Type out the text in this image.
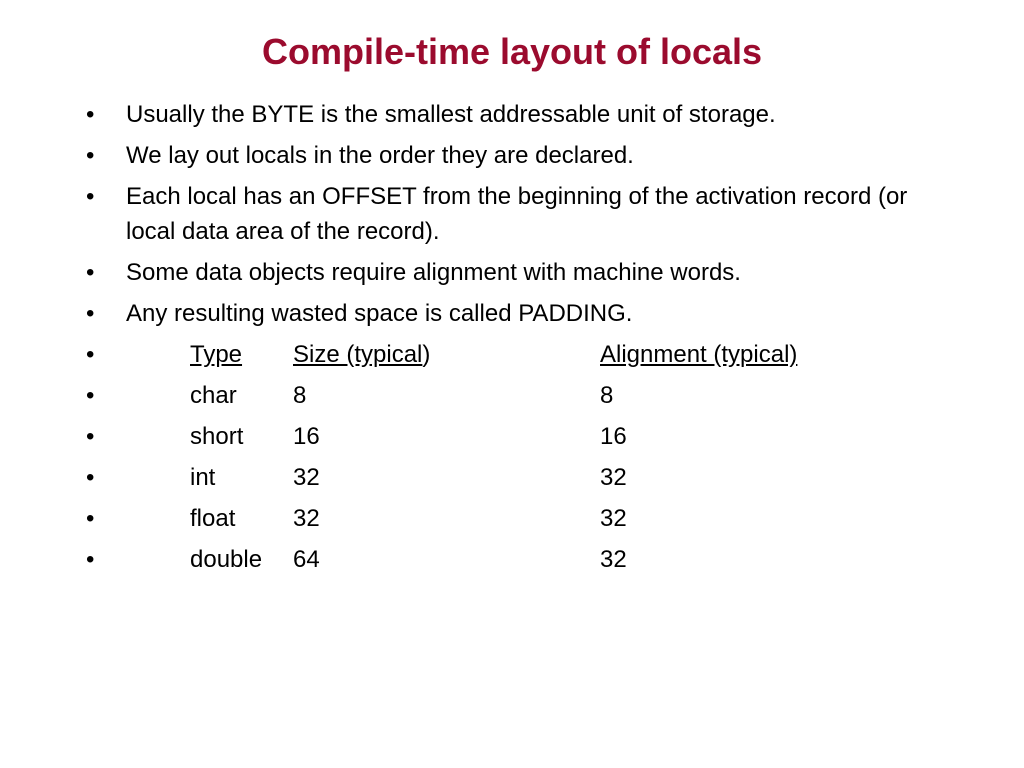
Compile-time layout of locals
• Usually the BYTE is the smallest addressable unit of storage.
• We lay out locals in the order they are declared.
• Each local has an OFFSET from the beginning of the activation record (or local data area of the record).
• Some data objects require alignment with machine words.
• Any resulting wasted space is called PADDING.
•	Type	Size (typical)	Alignment (typical)
•	char	8	8
•	short	16	16
•	int	32	32
•	float	32	32
•	double	64	32
